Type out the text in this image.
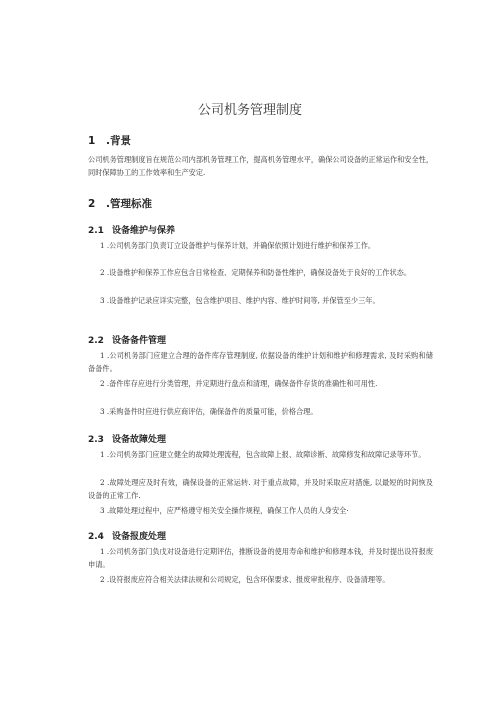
公司机务管理制度
1 .背景
公司机务管理制度旨在规范公司内部机务管理工作，提高机务管理水平，确保公司设备的正常运作和安全性，同时保障协工的工作效率和生产安定.
2 .管理标准
2.1 设备维护与保养
1 .公司机务部门负责订立设备维护与保养计划，并确保依照计划进行维护和保养工作。
2 .设备维护和保养工作应包含日常检查、定期保养和防备性维护，确保设备处于良好的工作状态。
3 .设备维护记录应详实完整，包含维护项目、维护内容、维护时间等, 并保管至少三年。
2.2 设备备件管理
1 .公司机务部门应建立合理的备件库存管理制度, 依据设备的维护计划和维护和修理需求, 及时采购和储备备件。
2 .备件库存应进行分类管理，并定期进行盘点和清理，确保备件存货的准确性和可用性.
3 .采购备件时应进行供应商评估，确保备件的质量可能，价格合理。
2.3 设备故障处理
1 .公司机务部门应建立健全的故障处理流程，包含故障上报、故障诊断、故障修发和故障记录等环节。
2 .故障处理应及时有效，确保设备的正常运转. 对于重点故障，并及时采取应对措施, 以最短的时间恢及设备的正常工作.
3 .故障处理过程中，应严格遵守相关安全操作规程，确保工作人员的人身安全·
2.4 设备报废处理
1 .公司机务部门负戊对设备进行定期评估，推断设备的使用寿命和维护和修理本钱，并及时提出设符报废申请。
2 .设符报废应符合相关法律法规和公司规定，包含环保要求、报废审批程序、设备清理等。
